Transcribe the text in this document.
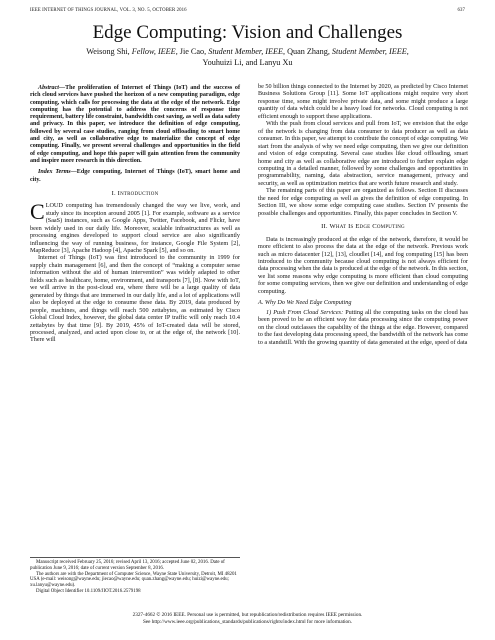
IEEE INTERNET OF THINGS JOURNAL, VOL. 3, NO. 5, OCTOBER 2016	637
Edge Computing: Vision and Challenges
Weisong Shi, Fellow, IEEE, Jie Cao, Student Member, IEEE, Quan Zhang, Student Member, IEEE,
Youhuizi Li, and Lanyu Xu

Abstract—The proliferation of Internet of Things (IoT) and the success of rich cloud services have pushed the horizon of a new computing paradigm, edge computing, which calls for processing the data at the edge of the network. Edge computing has the potential to address the concerns of response time requirement, battery life constraint, bandwidth cost saving, as well as data safety and privacy. In this paper, we introduce the definition of edge computing, followed by several case studies, ranging from cloud offloading to smart home and city, as well as collaborative edge to materialize the concept of edge computing. Finally, we present several challenges and opportunities in the field of edge computing, and hope this paper will gain attention from the community and inspire more research in this direction.

Index Terms—Edge computing, Internet of Things (IoT), smart home and city.

I. Introduction

CLOUD computing has tremendously changed the way we live, work, and study since its inception around 2005 [1]. For example, software as a service (SaaS) instances, such as Google Apps, Twitter, Facebook, and Flickr, have been widely used in our daily life. Moreover, scalable infrastructures as well as processing engines developed to support cloud service are also significantly influencing the way of running business, for instance, Google File System [2], MapReduce [3], Apache Hadoop [4], Apache Spark [5], and so on.

Internet of Things (IoT) was first introduced to the community in 1999 for supply chain management [6], and then the concept of “making a computer sense information without the aid of human intervention” was widely adapted to other fields such as healthcare, home, environment, and transports [7], [8]. Now with IoT, we will arrive in the post-cloud era, where there will be a large quality of data generated by things that are immersed in our daily life, and a lot of applications will also be deployed at the edge to consume these data. By 2019, data produced by people, machines, and things will reach 500 zettabytes, as estimated by Cisco Global Cloud Index, however, the global data center IP traffic will only reach 10.4 zettabytes by that time [9]. By 2019, 45% of IoT-created data will be stored, processed, analyzed, and acted upon close to, or at the edge of, the network [10]. There will

be 50 billion things connected to the Internet by 2020, as predicted by Cisco Internet Business Solutions Group [11]. Some IoT applications might require very short response time, some might involve private data, and some might produce a large quantity of data which could be a heavy load for networks. Cloud computing is not efficient enough to support these applications.

With the push from cloud services and pull from IoT, we envision that the edge of the network is changing from data consumer to data producer as well as data consumer. In this paper, we attempt to contribute the concept of edge computing. We start from the analysis of why we need edge computing, then we give our definition and vision of edge computing. Several case studies like cloud offloading, smart home and city as well as collaborative edge are introduced to further explain edge computing in a detailed manner, followed by some challenges and opportunities in programmability, naming, data abstraction, service management, privacy and security, as well as optimization metrics that are worth future research and study.

The remaining parts of this paper are organized as follows. Section II discusses the need for edge computing as well as gives the definition of edge computing. In Section III, we show some edge computing case studies. Section IV presents the possible challenges and opportunities. Finally, this paper concludes in Section V.

II. What Is Edge Computing

Data is increasingly produced at the edge of the network, therefore, it would be more efficient to also process the data at the edge of the network. Previous work such as micro datacenter [12], [13], cloudlet [14], and fog computing [15] has been introduced to the community because cloud computing is not always efficient for data processing when the data is produced at the edge of the network. In this section, we list some reasons why edge computing is more efficient than cloud computing for some computing services, then we give our definition and understanding of edge computing.

A. Why Do We Need Edge Computing

1) Push From Cloud Services: Putting all the computing tasks on the cloud has been proved to be an efficient way for data processing since the computing power on the cloud outclasses the capability of the things at the edge. However, compared to the fast developing data processing speed, the bandwidth of the network has come to a standstill. With the growing quantity of data generated at the edge, speed of data

Manuscript received February 25, 2016; revised April 13, 2016; accepted June 02, 2016. Date of publication June 9, 2016; date of current version September 8, 2016.

The authors are with the Department of Computer Science, Wayne State University, Detroit, MI 48201 USA (e-mail: weisong@wayne.edu; jiecao@wayne.edu; quan.zhang@wayne.edu; huizi@wayne.edu; xu.lanyu@wayne.edu).

Digital Object Identifier 10.1109/JIOT.2016.2579198

2327-4662 © 2016 IEEE. Personal use is permitted, but republication/redistribution requires IEEE permission.
See http://www.ieee.org/publications_standards/publications/rights/index.html for more information.
